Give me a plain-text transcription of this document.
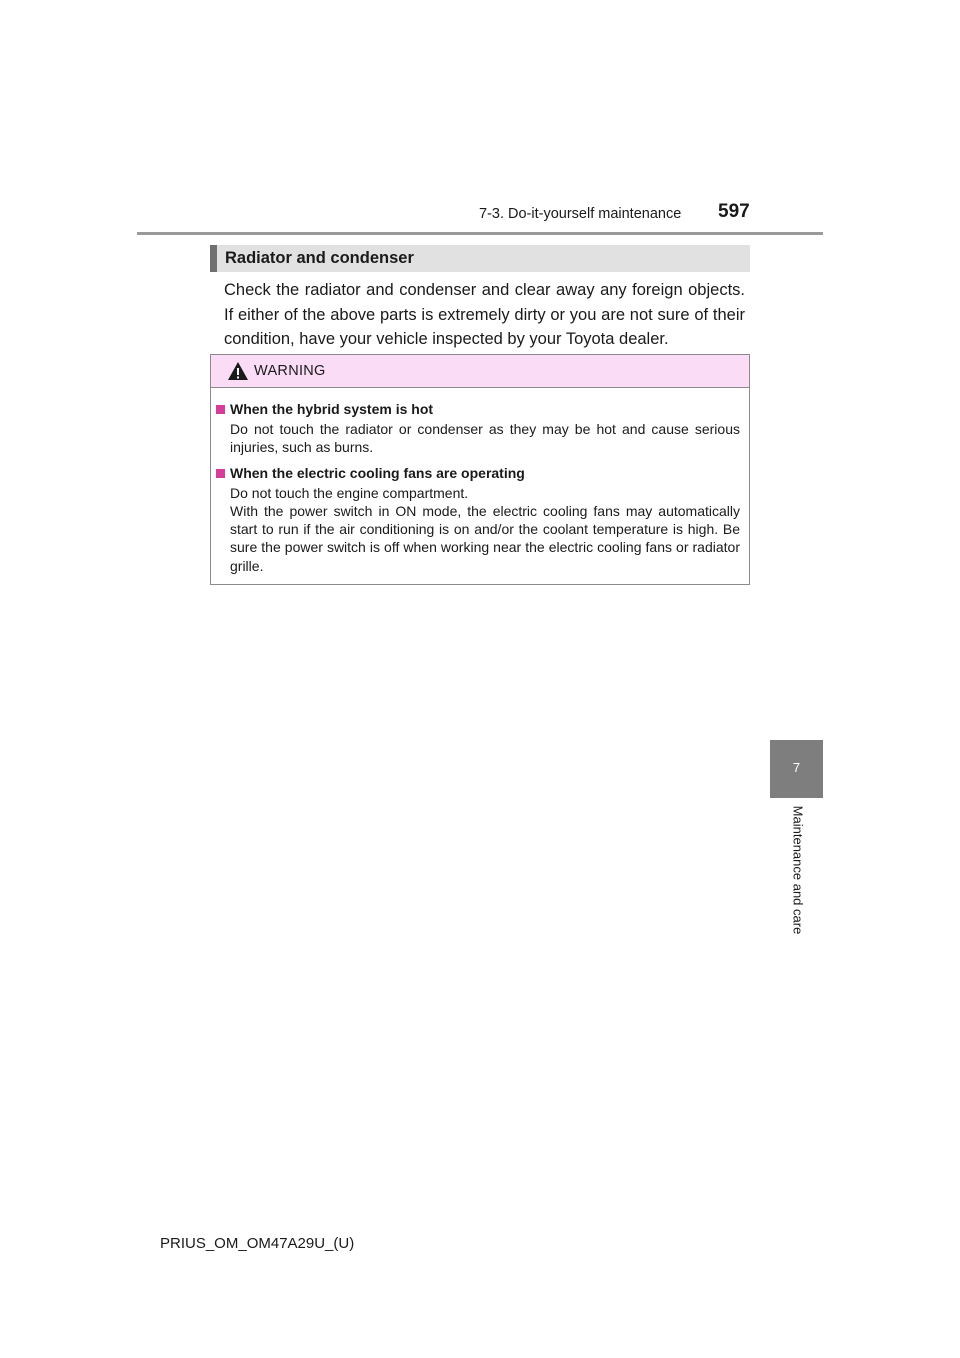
7-3. Do-it-yourself maintenance 597
Radiator and condenser

Check the radiator and condenser and clear away any foreign objects. If either of the above parts is extremely dirty or you are not sure of their condition, have your vehicle inspected by your Toyota dealer.

WARNING
When the hybrid system is hot

Do not touch the radiator or condenser as they may be hot and cause serious injuries, such as burns.

When the electric cooling fans are operating

Do not touch the engine compartment.

With the power switch in ON mode, the electric cooling fans may automatically start to run if the air conditioning is on and/or the coolant temperature is high. Be sure the power switch is off when working near the electric cooling fans or radiator grille.

7
Maintenance and care
PRIUS_OM_OM47A29U_(U)
